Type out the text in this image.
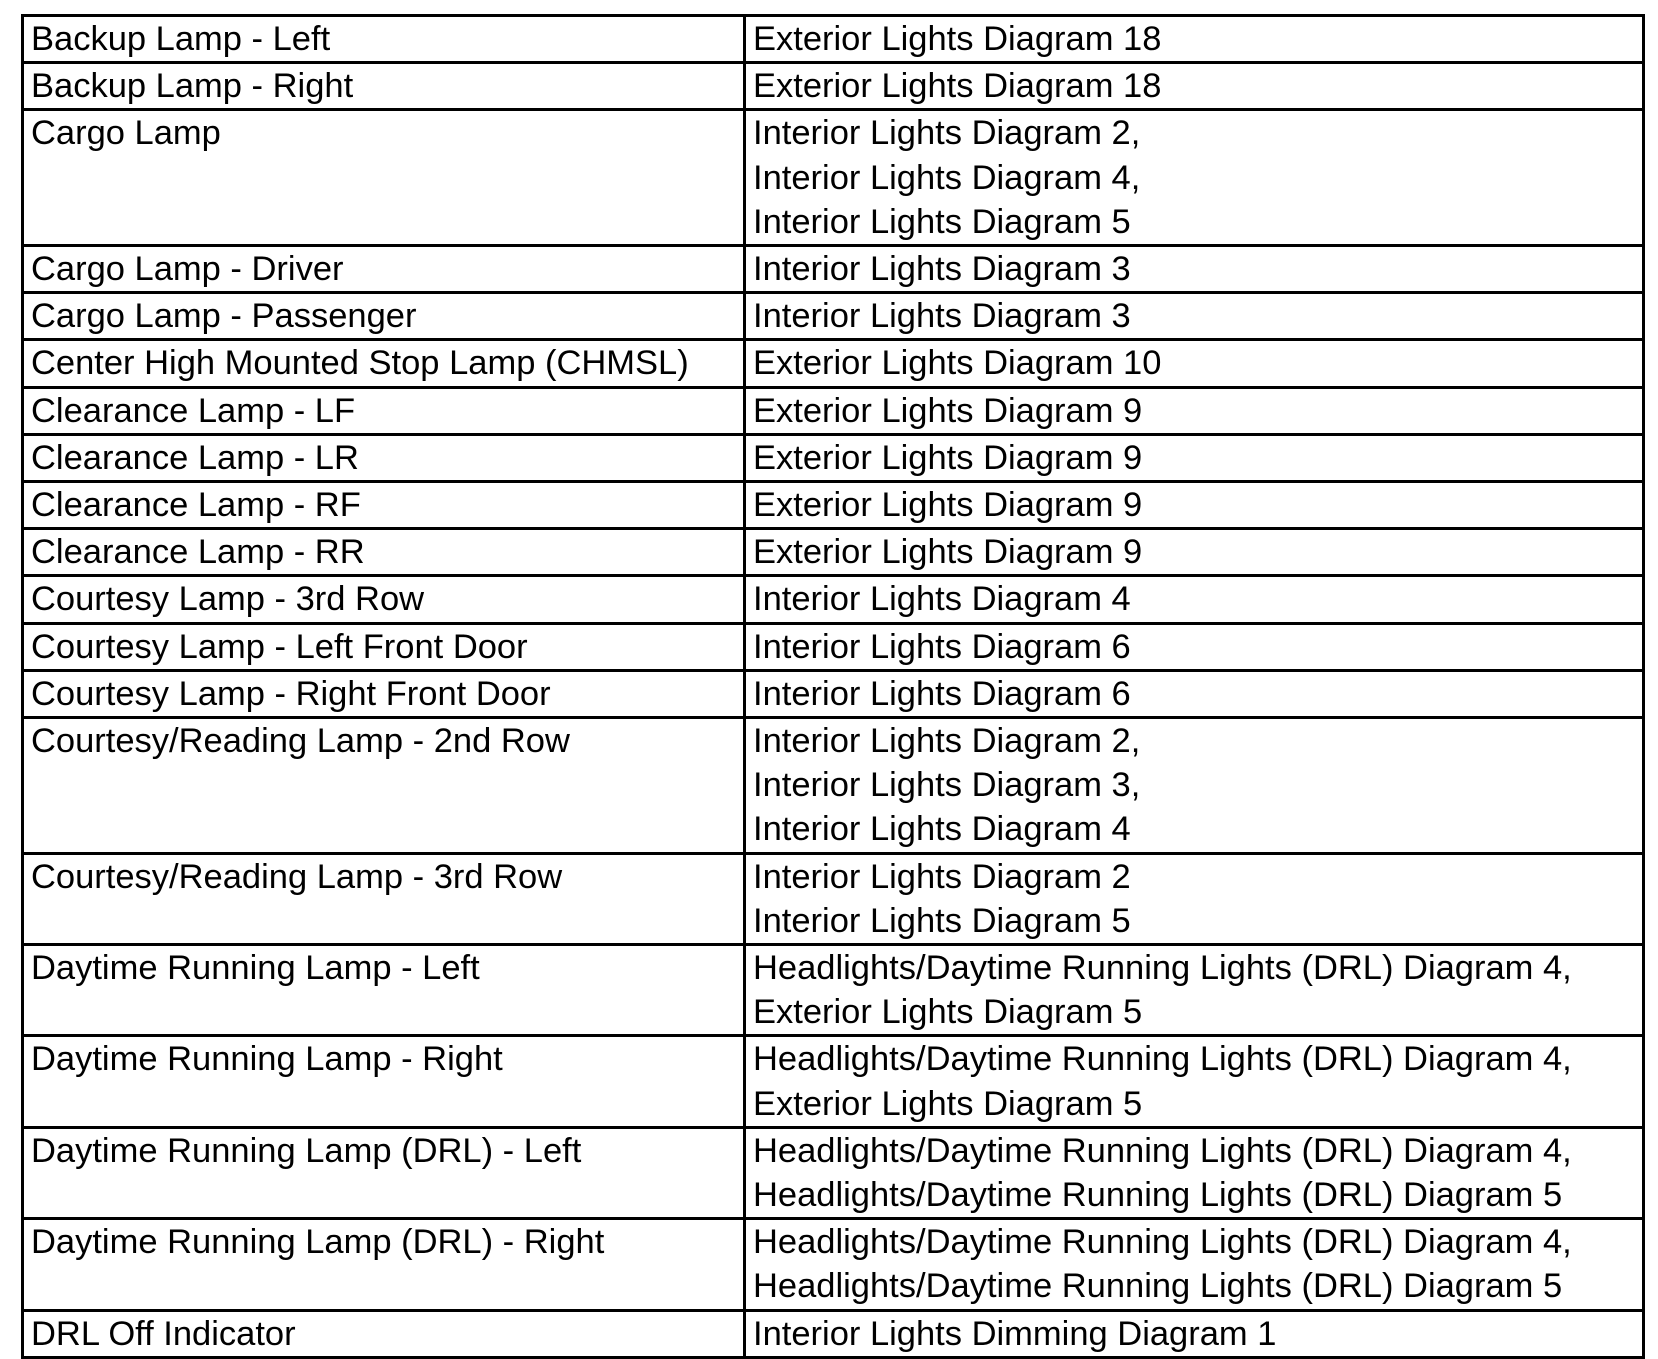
Backup Lamp - Left	Exterior Lights Diagram 18

Backup Lamp - Right	Exterior Lights Diagram 18

Cargo Lamp	Interior Lights Diagram 2,
Interior Lights Diagram 4,
Interior Lights Diagram 5

Cargo Lamp - Driver	Interior Lights Diagram 3

Cargo Lamp - Passenger	Interior Lights Diagram 3

Center High Mounted Stop Lamp (CHMSL)	Exterior Lights Diagram 10

Clearance Lamp - LF	Exterior Lights Diagram 9

Clearance Lamp - LR	Exterior Lights Diagram 9

Clearance Lamp - RF	Exterior Lights Diagram 9

Clearance Lamp - RR	Exterior Lights Diagram 9

Courtesy Lamp - 3rd Row	Interior Lights Diagram 4

Courtesy Lamp - Left Front Door	Interior Lights Diagram 6

Courtesy Lamp - Right Front Door	Interior Lights Diagram 6

Courtesy/Reading Lamp - 2nd Row	Interior Lights Diagram 2,
Interior Lights Diagram 3,
Interior Lights Diagram 4

Courtesy/Reading Lamp - 3rd Row	Interior Lights Diagram 2
Interior Lights Diagram 5

Daytime Running Lamp - Left	Headlights/Daytime Running Lights (DRL) Diagram 4,
Exterior Lights Diagram 5

Daytime Running Lamp - Right	Headlights/Daytime Running Lights (DRL) Diagram 4,
Exterior Lights Diagram 5

Daytime Running Lamp (DRL) - Left	Headlights/Daytime Running Lights (DRL) Diagram 4,
Headlights/Daytime Running Lights (DRL) Diagram 5

Daytime Running Lamp (DRL) - Right	Headlights/Daytime Running Lights (DRL) Diagram 4,
Headlights/Daytime Running Lights (DRL) Diagram 5

DRL Off Indicator	Interior Lights Dimming Diagram 1
